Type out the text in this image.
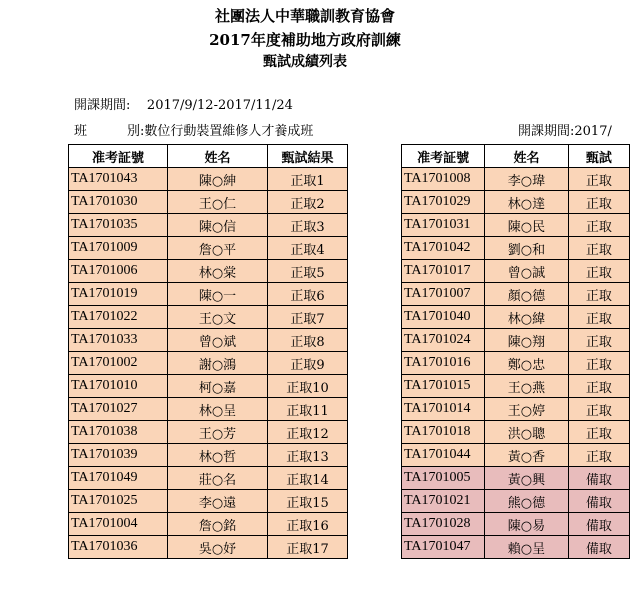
社團法人中華職訓教育協會
2017年度補助地方政府訓練
甄試成績列表
開課期間: 2017/9/12-2017/11/24
班	別:數位行動裝置維修人才養成班	開課期間:2017/
准考証號	姓名	甄試結果
TA1701043	陳○紳	正取1
TA1701030	王○仁	正取2
TA1701035	陳○信	正取3
TA1701009	詹○平	正取4
TA1701006	林○棠	正取5
TA1701019	陳○一	正取6
TA1701022	王○文	正取7
TA1701033	曾○斌	正取8
TA1701002	謝○鴻	正取9
TA1701010	柯○嘉	正取10
TA1701027	林○呈	正取11
TA1701038	王○芳	正取12
TA1701039	林○哲	正取13
TA1701049	莊○名	正取14
TA1701025	李○遠	正取15
TA1701004	詹○銘	正取16
TA1701036	吳○妤	正取17
准考証號	姓名	甄試
TA1701008	李○瑋	正取
TA1701029	林○達	正取
TA1701031	陳○民	正取
TA1701042	劉○和	正取
TA1701017	曾○誠	正取
TA1701007	顏○德	正取
TA1701040	林○緯	正取
TA1701024	陳○翔	正取
TA1701016	鄭○忠	正取
TA1701015	王○燕	正取
TA1701014	王○婷	正取
TA1701018	洪○聰	正取
TA1701044	黃○香	正取
TA1701005	黃○興	備取
TA1701021	熊○德	備取
TA1701028	陳○易	備取
TA1701047	賴○呈	備取
